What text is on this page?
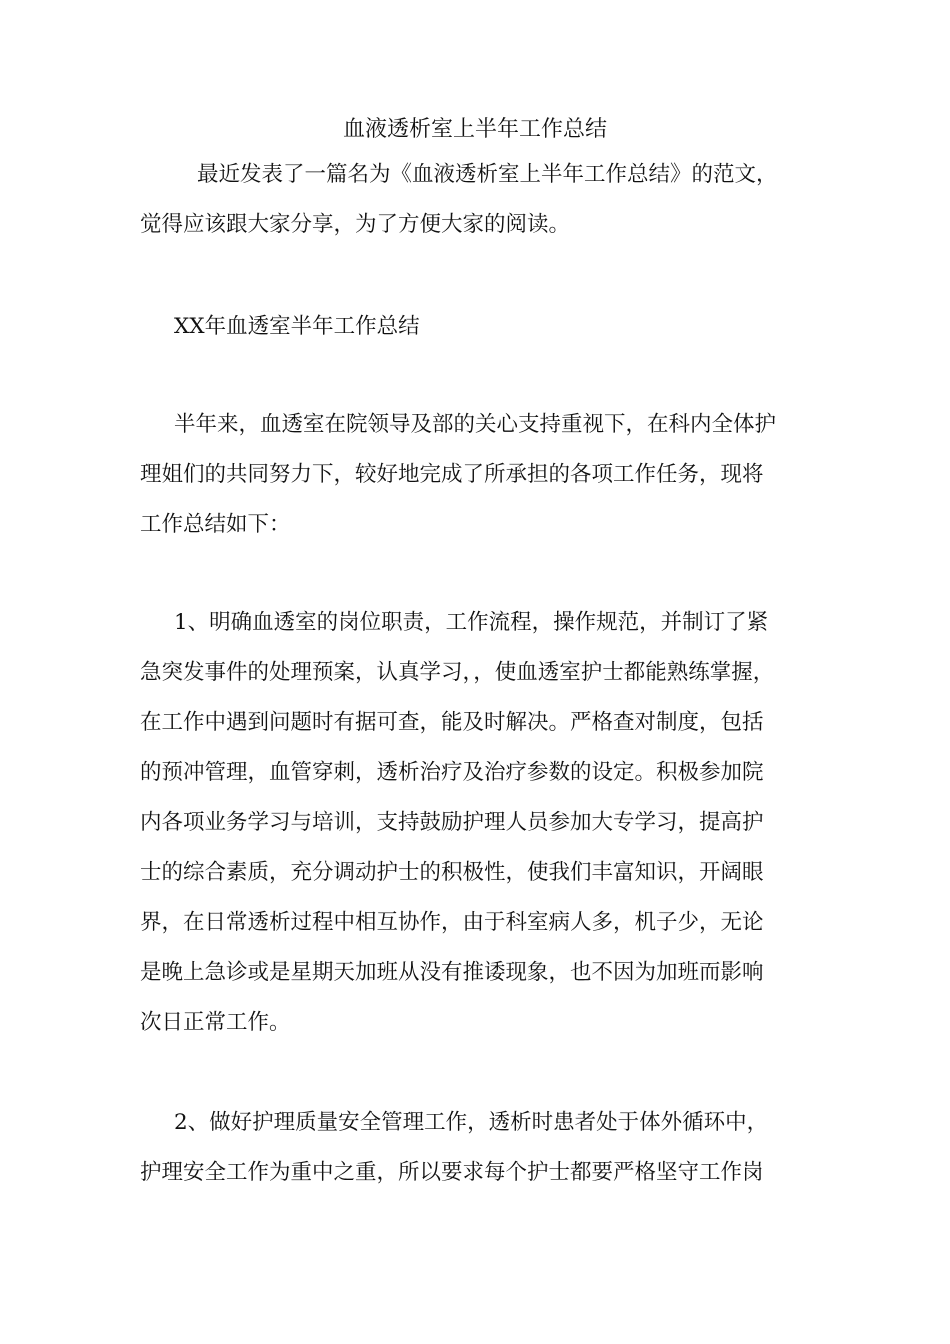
血液透析室上半年工作总结
最近发表了一篇名为《血液透析室上半年工作总结》的范文，
觉得应该跟大家分享，为了方便大家的阅读。
XX年血透室半年工作总结
半年来，血透室在院领导及部的关心支持重视下，在科内全体护
理姐们的共同努力下，较好地完成了所承担的各项工作任务，现将
工作总结如下：
1、明确血透室的岗位职责，工作流程，操作规范，并制订了紧
急突发事件的处理预案，认真学习，，使血透室护士都能熟练掌握，
在工作中遇到问题时有据可查，能及时解决。严格查对制度，包括
的预冲管理，血管穿刺，透析治疗及治疗参数的设定。积极参加院
内各项业务学习与培训，支持鼓励护理人员参加大专学习，提高护
士的综合素质，充分调动护士的积极性，使我们丰富知识，开阔眼
界，在日常透析过程中相互协作，由于科室病人多，机子少，无论
是晚上急诊或是星期天加班从没有推诿现象，也不因为加班而影响
次日正常工作。
2、做好护理质量安全管理工作，透析时患者处于体外循环中，
护理安全工作为重中之重，所以要求每个护士都要严格坚守工作岗
